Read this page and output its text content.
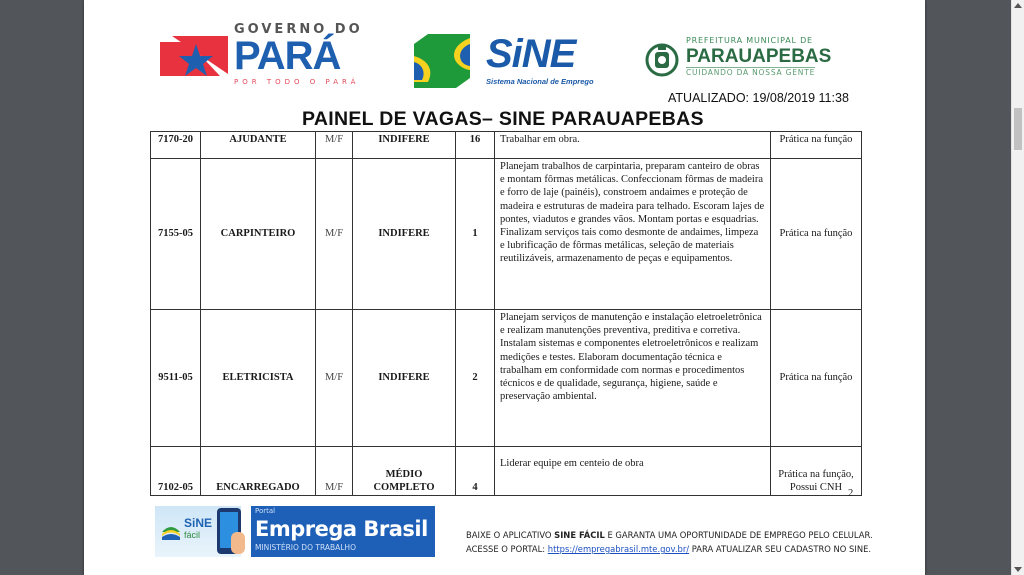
GOVERNO DO
PARÁ
POR TODO O PARÁ
SiNE
Sistema Nacional de Emprego
PREFEITURA MUNICIPAL DE
PARAUAPEBAS
CUIDANDO DA NOSSA GENTE
ATUALIZADO: 19/08/2019 11:38
PAINEL DE VAGAS– SINE PARAUAPEBAS
7170-20	AJUDANTE	M/F	INDIFERE	16	Trabalhar em obra.	Prática na função
7155-05	CARPINTEIRO	M/F	INDIFERE	1	Planejam trabalhos de carpintaria, preparam canteiro de obras e montam fôrmas metálicas. Confeccionam fôrmas de madeira e forro de laje (painéis), constroem andaimes e proteção de madeira e estruturas de madeira para telhado. Escoram lajes de pontes, viadutos e grandes vãos. Montam portas e esquadrias. Finalizam serviços tais como desmonte de andaimes, limpeza e lubrificação de fôrmas metálicas, seleção de materiais reutilizáveis, armazenamento de peças e equipamentos.	Prática na função
9511-05	ELETRICISTA	M/F	INDIFERE	2	Planejam serviços de manutenção e instalação eletroeletrônica e realizam manutenções preventiva, preditiva e corretiva. Instalam sistemas e componentes eletroeletrônicos e realizam medições e testes. Elaboram documentação técnica e trabalham em conformidade com normas e procedimentos técnicos e de qualidade, segurança, higiene, saúde e preservação ambiental.	Prática na função
7102-05	ENCARREGADO	M/F	MÉDIO COMPLETO	4	Liderar equipe em centeio de obra	Prática na função, Possui CNH
2
SiNE
fácil
Portal
Emprega Brasil
MINISTÉRIO DO TRABALHO
BAIXE O APLICATIVO SINE FÁCIL E GARANTA UMA OPORTUNIDADE DE EMPREGO PELO CELULAR.
ACESSE O PORTAL: https://empregabrasil.mte.gov.br/ PARA ATUALIZAR SEU CADASTRO NO SINE.
